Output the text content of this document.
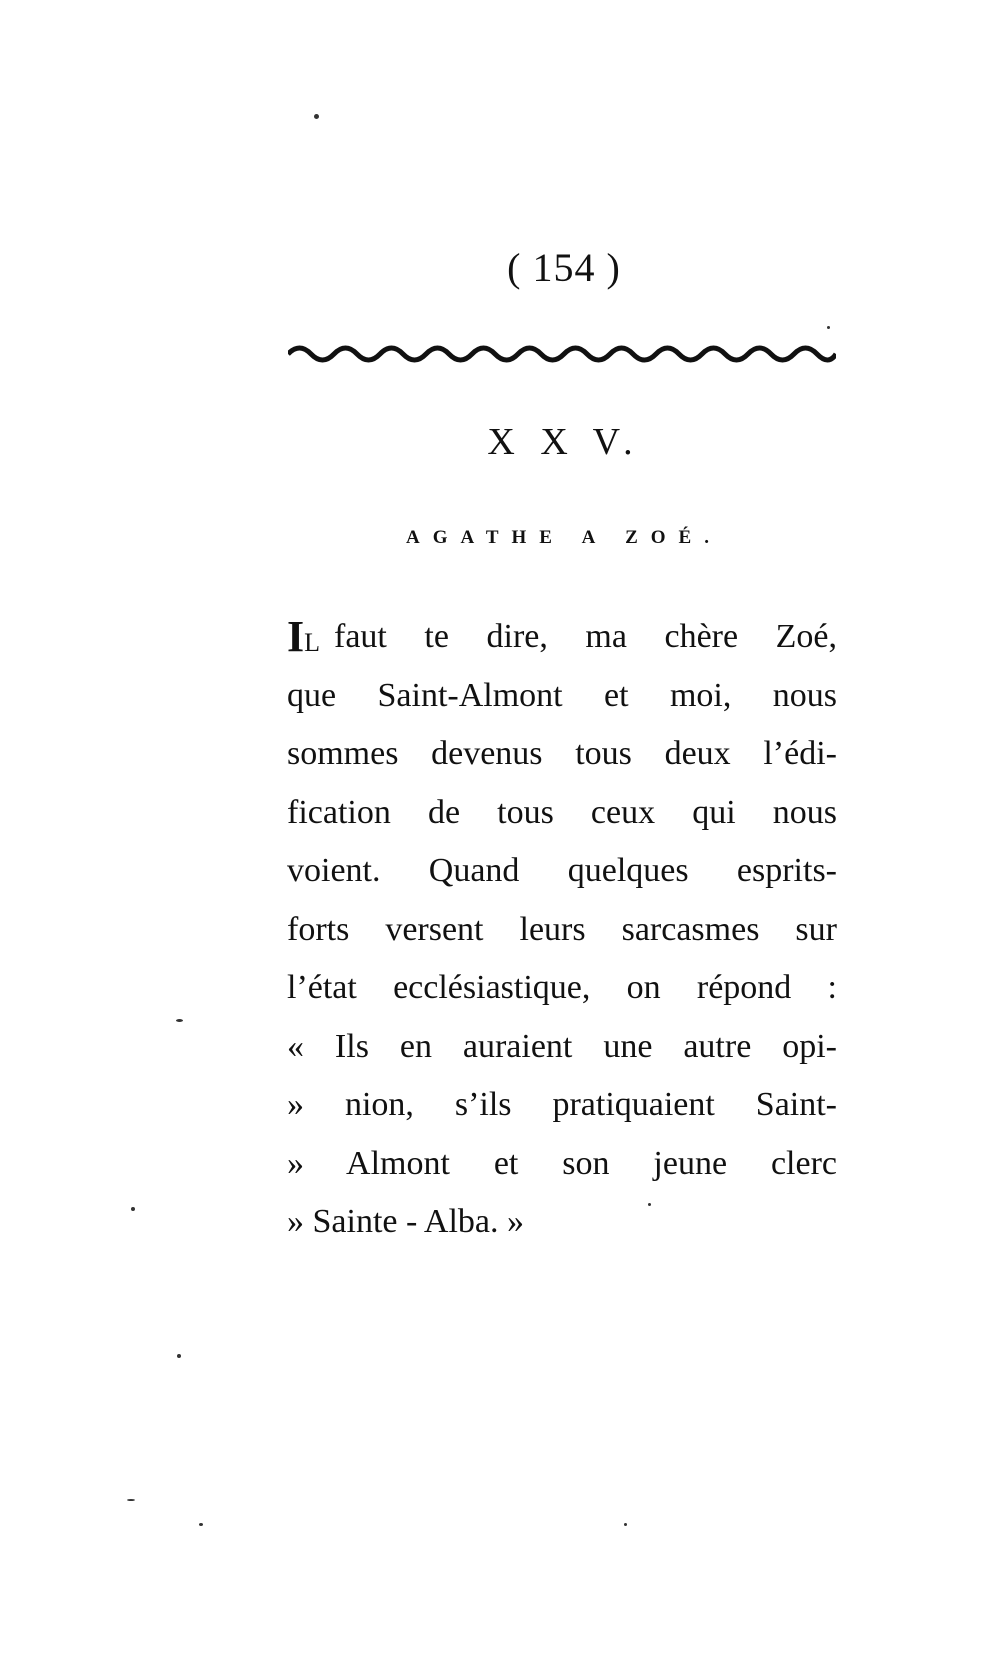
( 154 )
X X V.
AGATHE A ZOÉ.
IL faut te dire, ma chère Zoé,
que Saint-Almont et moi, nous
sommes devenus tous deux l’édi-
fication de tous ceux qui nous
voient. Quand quelques esprits-
forts versent leurs sarcasmes sur
l’état ecclésiastique, on répond :
« Ils en auraient une autre opi-
» nion, s’ils pratiquaient Saint-
» Almont et son jeune clerc
» Sainte - Alba. »
